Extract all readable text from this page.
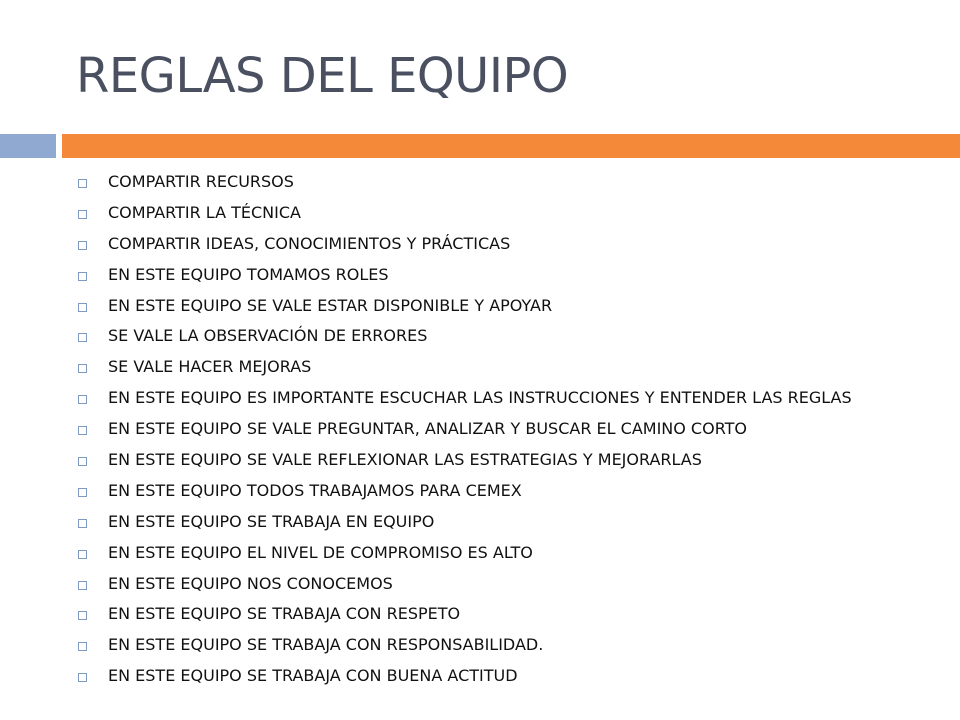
REGLAS DEL EQUIPO
COMPARTIR RECURSOS
COMPARTIR LA TÉCNICA
COMPARTIR IDEAS, CONOCIMIENTOS Y PRÁCTICAS
EN ESTE EQUIPO TOMAMOS ROLES
EN ESTE EQUIPO SE VALE ESTAR DISPONIBLE Y APOYAR
SE VALE LA OBSERVACIÓN DE ERRORES
SE VALE HACER MEJORAS
EN ESTE EQUIPO ES IMPORTANTE ESCUCHAR LAS INSTRUCCIONES Y ENTENDER LAS REGLAS
EN ESTE EQUIPO SE VALE PREGUNTAR, ANALIZAR Y BUSCAR EL CAMINO CORTO
EN ESTE EQUIPO SE VALE REFLEXIONAR LAS ESTRATEGIAS Y MEJORARLAS
EN ESTE EQUIPO TODOS TRABAJAMOS PARA CEMEX
EN ESTE EQUIPO SE TRABAJA EN EQUIPO
EN ESTE EQUIPO EL NIVEL DE COMPROMISO ES ALTO
EN ESTE EQUIPO NOS CONOCEMOS
EN ESTE EQUIPO SE TRABAJA CON RESPETO
EN ESTE EQUIPO SE TRABAJA CON RESPONSABILIDAD.
EN ESTE EQUIPO SE TRABAJA CON BUENA ACTITUD
